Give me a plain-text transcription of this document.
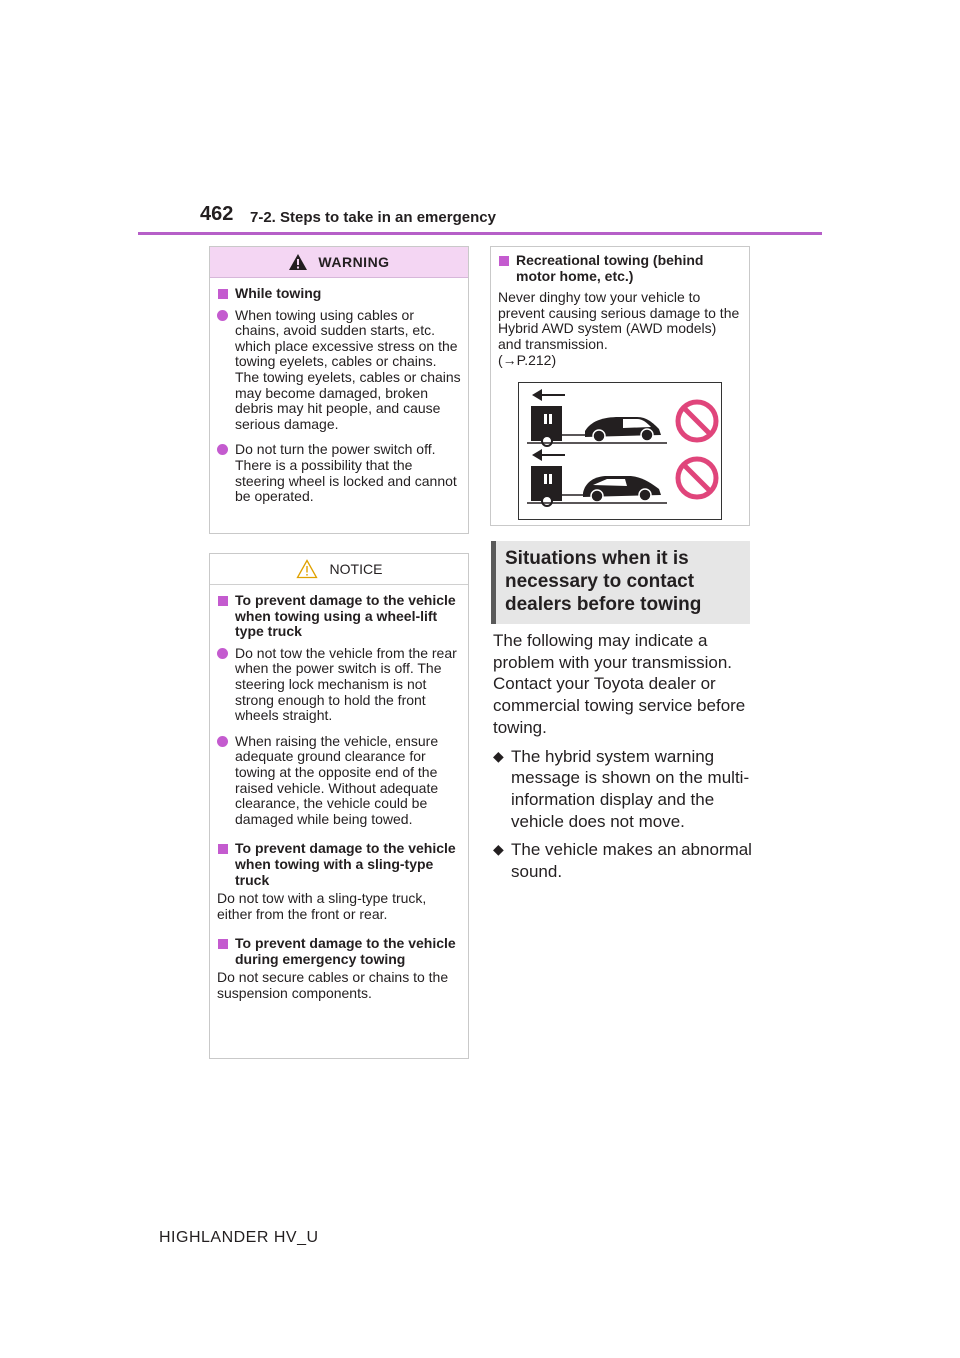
462 7-2. Steps to take in an emergency
WARNING
While towing
When towing using cables or chains, avoid sudden starts, etc. which place excessive stress on the towing eyelets, cables or chains. The towing eyelets, cables or chains may become damaged, broken debris may hit people, and cause serious damage.
Do not turn the power switch off. There is a possibility that the steering wheel is locked and cannot be operated.
NOTICE
To prevent damage to the vehicle when towing using a wheel-lift type truck
Do not tow the vehicle from the rear when the power switch is off. The steering lock mechanism is not strong enough to hold the front wheels straight.
When raising the vehicle, ensure adequate ground clearance for towing at the opposite end of the raised vehicle. Without adequate clearance, the vehicle could be damaged while being towed.
To prevent damage to the vehicle when towing with a sling-type truck
Do not tow with a sling-type truck, either from the front or rear.
To prevent damage to the vehicle during emergency towing
Do not secure cables or chains to the suspension components.
Recreational towing (behind motor home, etc.)
Never dinghy tow your vehicle to prevent causing serious damage to the Hybrid AWD system (AWD models) and transmission.
(→P.212)
Situations when it is necessary to contact dealers before towing

The following may indicate a problem with your transmission. Contact your Toyota dealer or commercial towing service before towing.

◆ The hybrid system warning message is shown on the multi-information display and the vehicle does not move.
◆ The vehicle makes an abnormal sound.
HIGHLANDER HV_U
